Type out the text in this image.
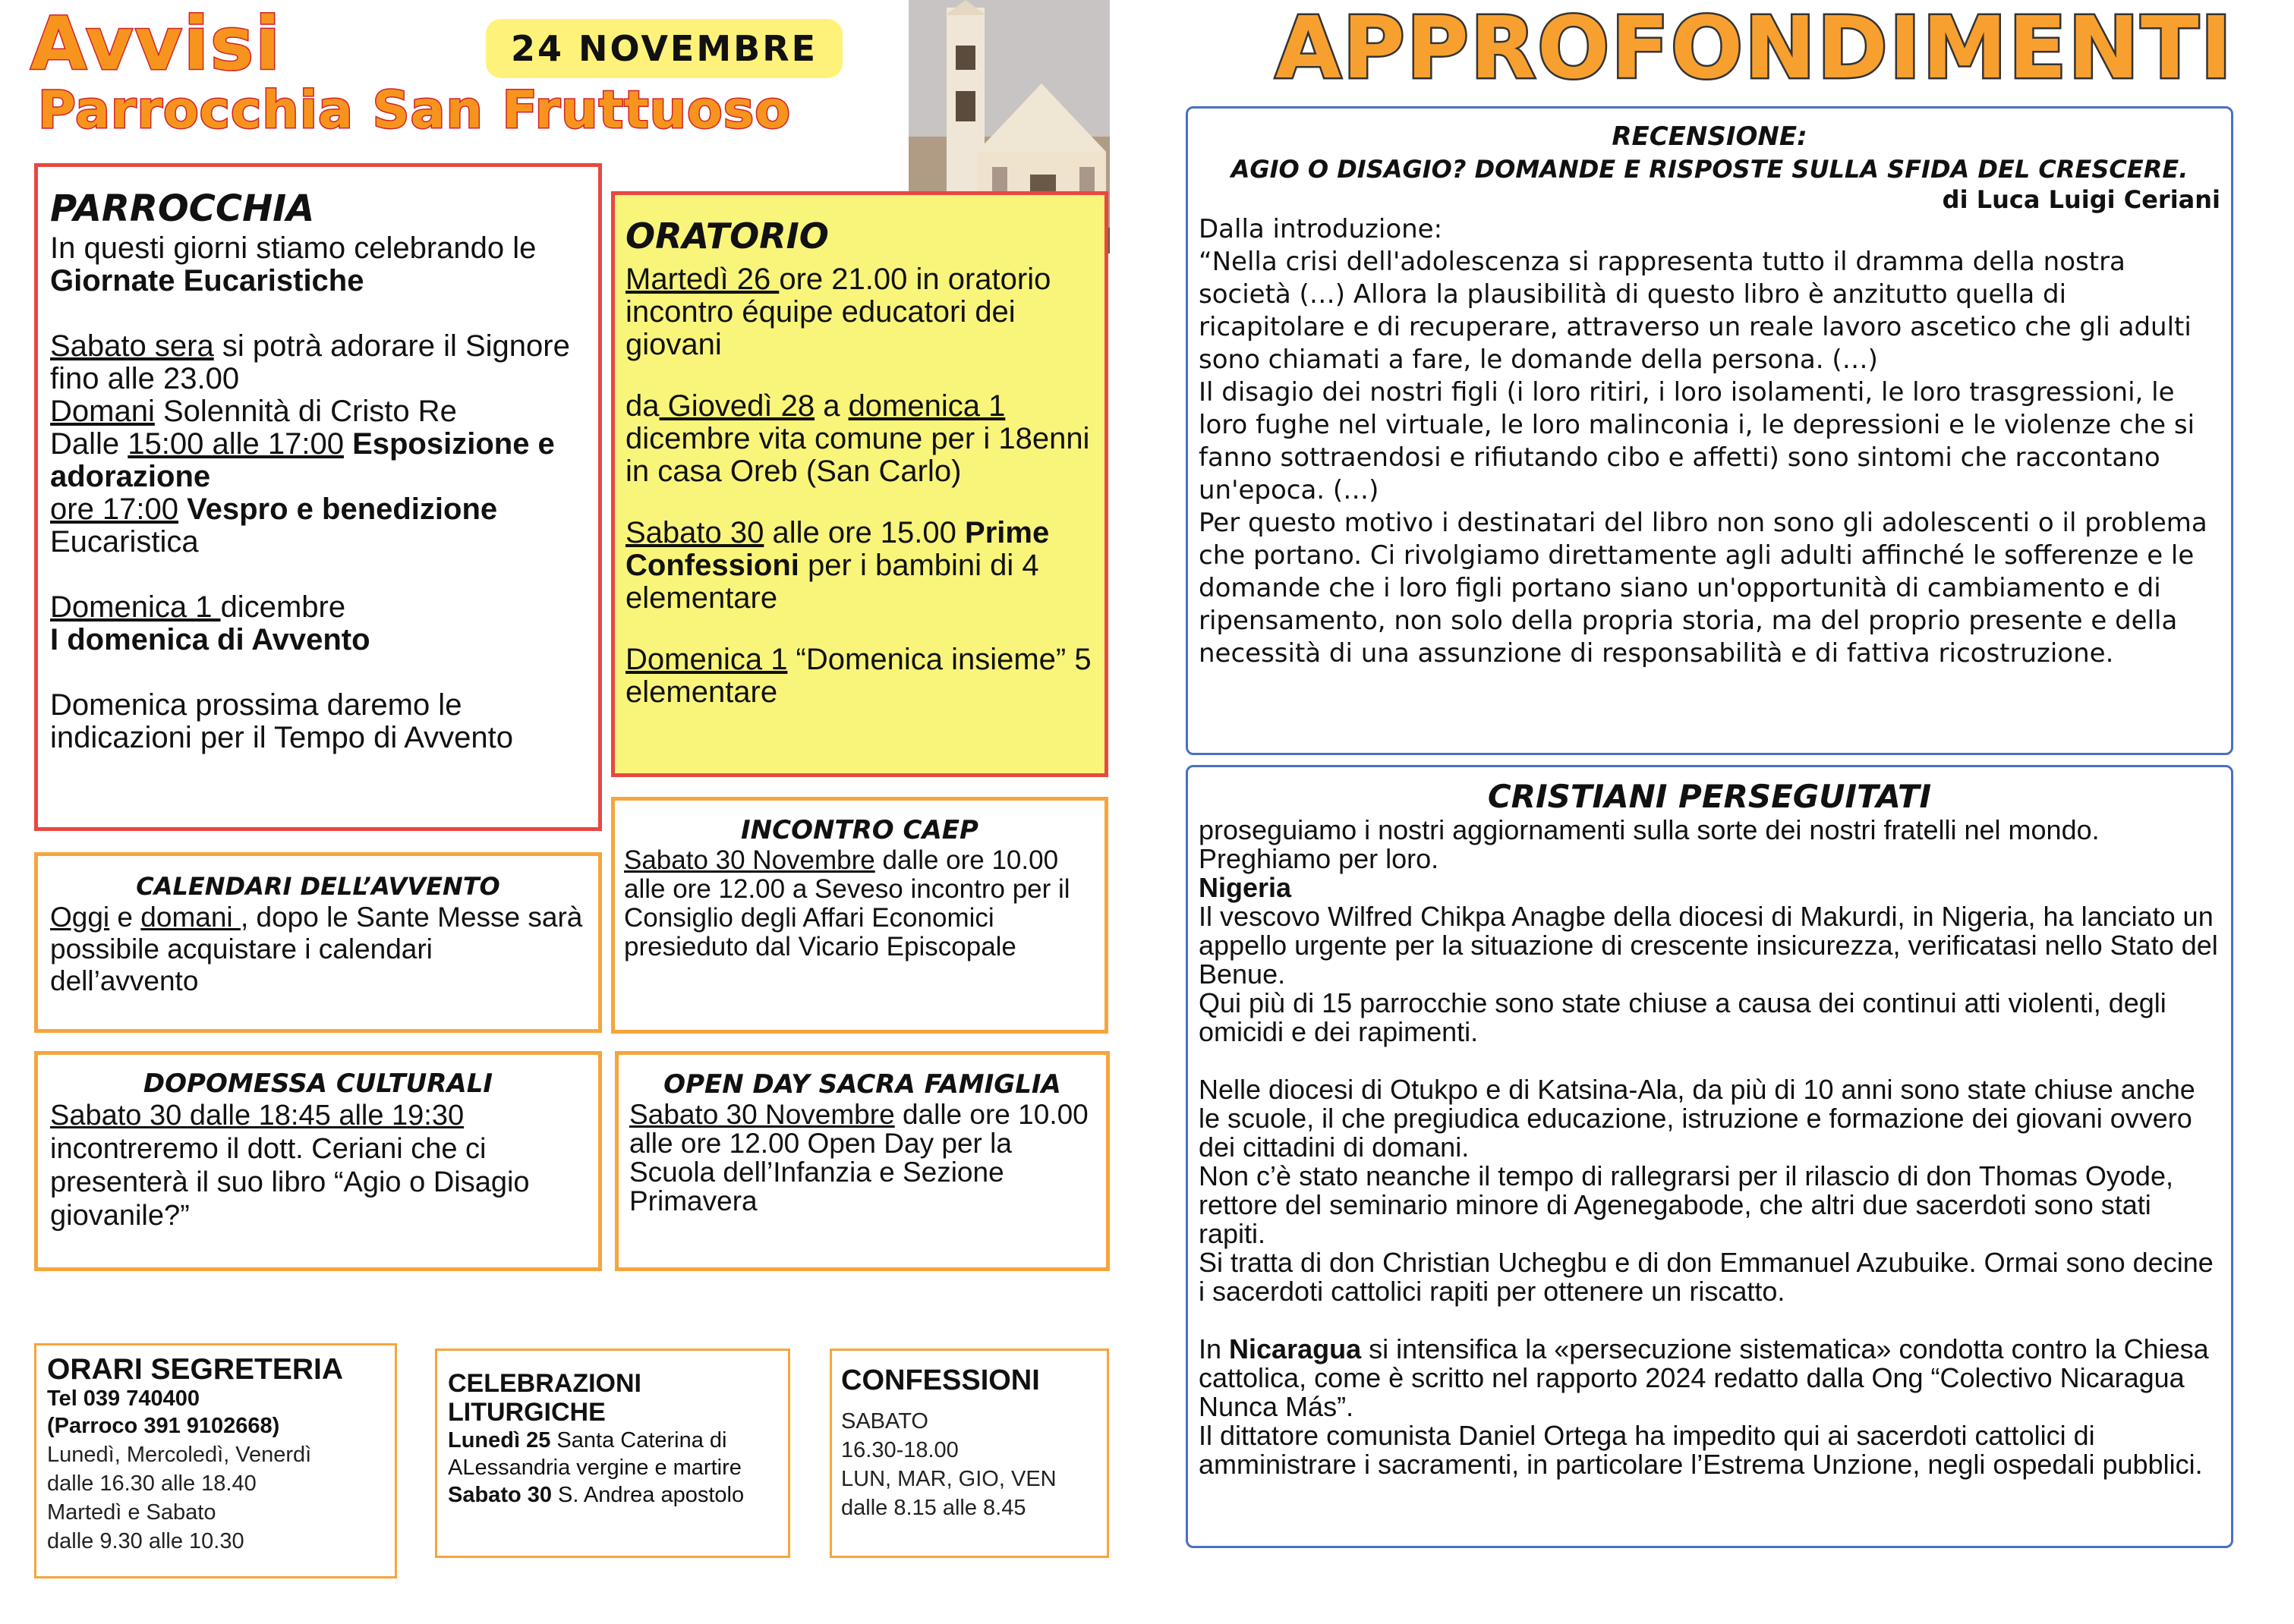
Avvisi
Parrocchia San Fruttuoso
24 NOVEMBRE	APPROFONDIMENTI
PARROCCHIA

In questi giorni stiamo celebrando le

Giornate Eucaristiche

Sabato sera si potrà adorare il Signore fino alle 23.00

Domani Solennità di Cristo Re

Dalle 15:00 alle 17:00 Esposizione e adorazione

ore 17:00 Vespro e benedizione

Eucaristica

Domenica 1 dicembre

I domenica di Avvento

Domenica prossima daremo le indicazioni per il Tempo di Avvento

ORATORIO

Martedì 26 ore 21.00 in oratorio incontro équipe educatori dei giovani

da Giovedì 28 a domenica 1 dicembre vita comune per i 18enni in casa Oreb (San Carlo)

Sabato 30 alle ore 15.00 Prime Confessioni per i bambini di 4 elementare

Domenica 1 “Domenica insieme” 5 elementare

CALENDARI DELL’AVVENTO

Oggi e domani , dopo le Sante Messe sarà possibile acquistare i calendari dell’avvento

INCONTRO CAEP

Sabato 30 Novembre dalle ore 10.00 alle ore 12.00 a Seveso incontro per il Consiglio degli Affari Economici presieduto dal Vicario Episcopale

DOPOMESSA CULTURALI

Sabato 30 dalle 18:45 alle 19:30 incontreremo il dott. Ceriani che ci presenterà il suo libro “Agio o Disagio giovanile?”

OPEN DAY SACRA FAMIGLIA

Sabato 30 Novembre dalle ore 10.00 alle ore 12.00 Open Day per la Scuola dell’Infanzia e Sezione Primavera

ORARI SEGRETERIA
Tel 039 740400
(Parroco 391 9102668)
Lunedì, Mercoledì, Venerdì
dalle 16.30 alle 18.40
Martedì e Sabato
dalle 9.30 alle 10.30
CELEBRAZIONI LITURGICHE
Lunedì 25 Santa Caterina di ALessandria vergine e martire
Sabato 30 S. Andrea apostolo
CONFESSIONI
SABATO
16.30-18.00
LUN, MAR, GIO, VEN
dalle 8.15 alle 8.45
RECENSIONE:
AGIO O DISAGIO? DOMANDE E RISPOSTE SULLA SFIDA DEL CRESCERE.
di Luca Luigi Ceriani

Dalla introduzione:

“Nella crisi dell'adolescenza si rappresenta tutto il dramma della nostra società (…) Allora la plausibilità di questo libro è anzitutto quella di ricapitolare e di recuperare, attraverso un reale lavoro ascetico che gli adulti sono chiamati a fare, le domande della persona. (…)

Il disagio dei nostri figli (i loro ritiri, i loro isolamenti, le loro trasgressioni, le loro fughe nel virtuale, le loro malinconia i, le depressioni e le violenze che si fanno sottraendosi e rifiutando cibo e affetti) sono sintomi che raccontano un'epoca. (…)

Per questo motivo i destinatari del libro non sono gli adolescenti o il problema che portano. Ci rivolgiamo direttamente agli adulti affinché le sofferenze e le domande che i loro figli portano siano un'opportunità di cambiamento e di ripensamento, non solo della propria storia, ma del proprio presente e della necessità di una assunzione di responsabilità e di fattiva ricostruzione.

CRISTIANI PERSEGUITATI

proseguiamo i nostri aggiornamenti sulla sorte dei nostri fratelli nel mondo. Preghiamo per loro.

Nigeria

Il vescovo Wilfred Chikpa Anagbe della diocesi di Makurdi, in Nigeria, ha lanciato un appello urgente per la situazione di crescente insicurezza, verificatasi nello Stato del Benue.

Qui più di 15 parrocchie sono state chiuse a causa dei continui atti violenti, degli omicidi e dei rapimenti.

Nelle diocesi di Otukpo e di Katsina-Ala, da più di 10 anni sono state chiuse anche le scuole, il che pregiudica educazione, istruzione e formazione dei giovani ovvero dei cittadini di domani.

Non c’è stato neanche il tempo di rallegrarsi per il rilascio di don Thomas Oyode, rettore del seminario minore di Agenegabode, che altri due sacerdoti sono stati rapiti.

Si tratta di don Christian Uchegbu e di don Emmanuel Azubuike. Ormai sono decine i sacerdoti cattolici rapiti per ottenere un riscatto.

In Nicaragua si intensifica la «persecuzione sistematica» condotta contro la Chiesa cattolica, come è scritto nel rapporto 2024 redatto dalla Ong “Colectivo Nicaragua Nunca Más”.

Il dittatore comunista Daniel Ortega ha impedito qui ai sacerdoti cattolici di amministrare i sacramenti, in particolare l’Estrema Unzione, negli ospedali pubblici.
